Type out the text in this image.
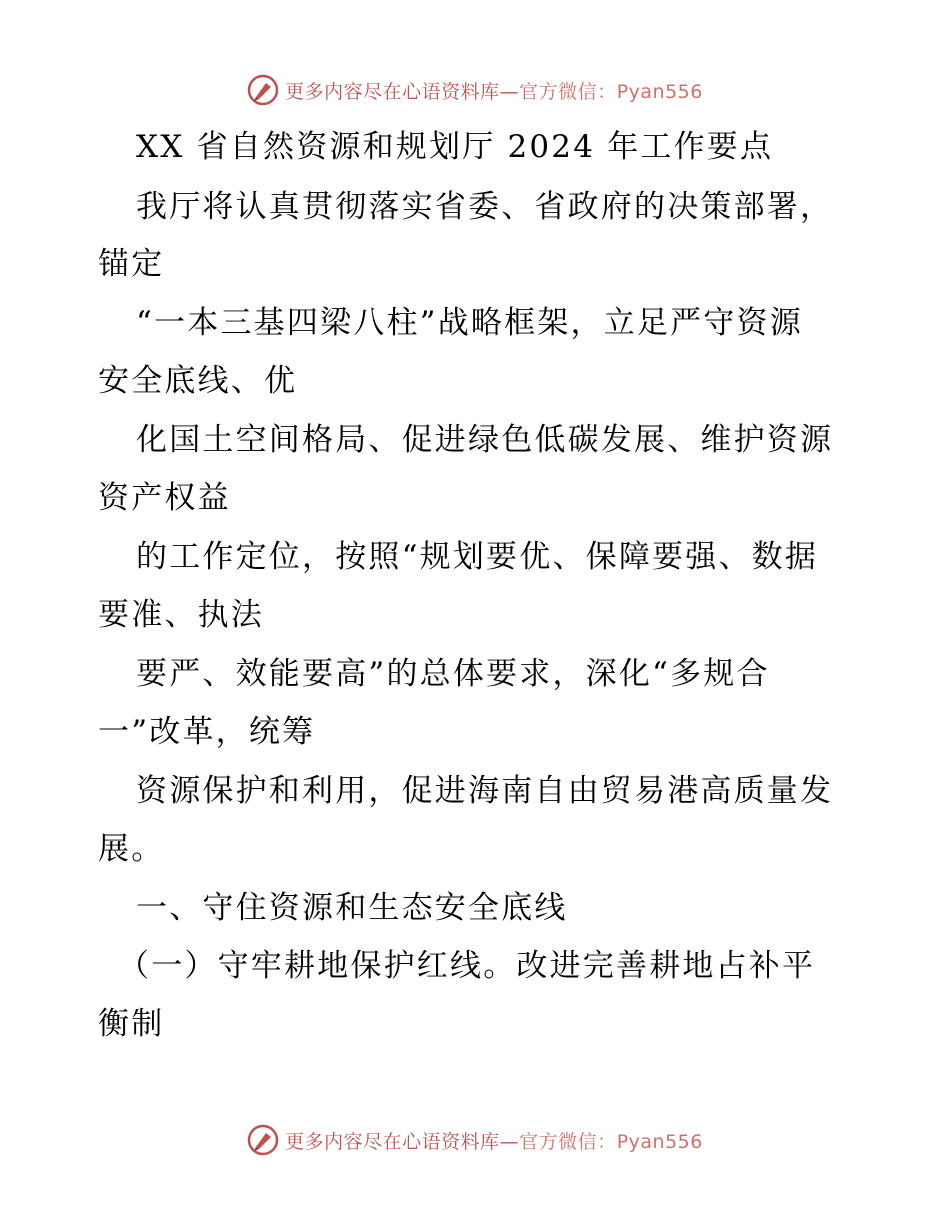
更多内容尽在心语资料库—官方微信：Pyan556
XX 省自然资源和规划厅 2024 年工作要点
我厅将认真贯彻落实省委、省政府的决策部署，
锚定
“一本三基四梁八柱”战略框架，立足严守资源
安全底线、优
化国土空间格局、促进绿色低碳发展、维护资源
资产权益
的工作定位，按照“规划要优、保障要强、数据
要准、执法
要严、效能要高”的总体要求，深化“多规合
一”改革，统筹
资源保护和利用，促进海南自由贸易港高质量发
展。
一、守住资源和生态安全底线
（一）守牢耕地保护红线。改进完善耕地占补平
衡制
更多内容尽在心语资料库—官方微信：Pyan556
